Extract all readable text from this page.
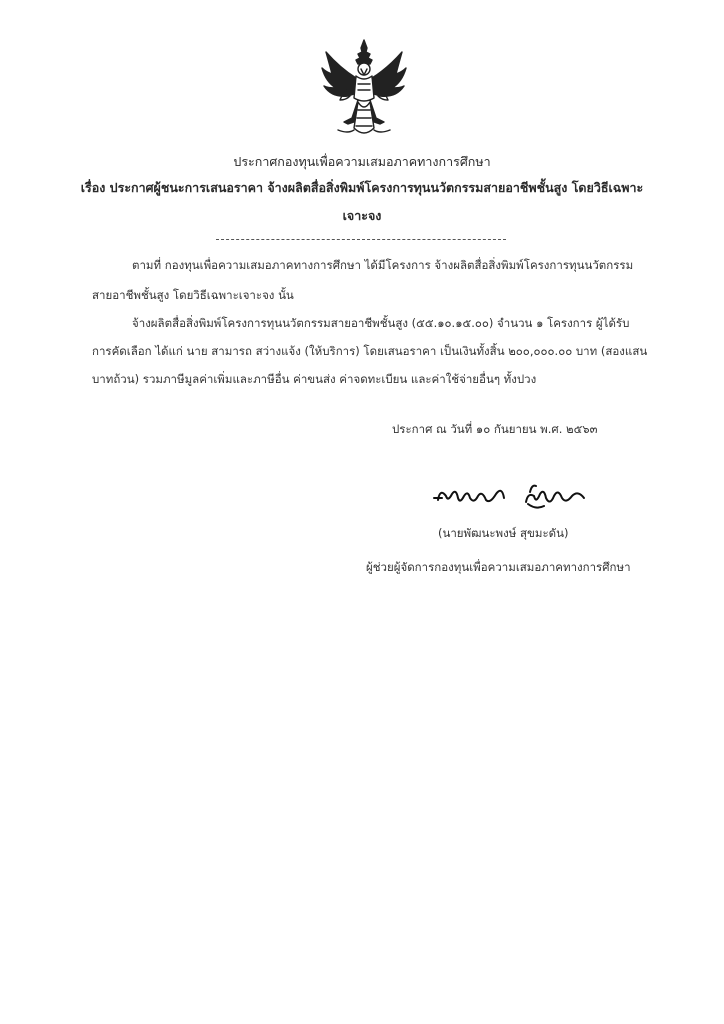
ประกาศกองทุนเพื่อความเสมอภาคทางการศึกษา
เรื่อง ประกาศผู้ชนะการเสนอราคา จ้างผลิตสื่อสิ่งพิมพ์โครงการทุนนวัตกรรมสายอาชีพชั้นสูง โดยวิธีเฉพาะ
เจาะจง
ตามที่ กองทุนเพื่อความเสมอภาคทางการศึกษา ได้มีโครงการ จ้างผลิตสื่อสิ่งพิมพ์โครงการทุนนวัตกรรม
สายอาชีพชั้นสูง โดยวิธีเฉพาะเจาะจง นั้น
จ้างผลิตสื่อสิ่งพิมพ์โครงการทุนนวัตกรรมสายอาชีพชั้นสูง (๕๕.๑๐.๑๕.๐๐) จำนวน ๑ โครงการ ผู้ได้รับ
การคัดเลือก ได้แก่ นาย สามารถ สว่างแจ้ง (ให้บริการ) โดยเสนอราคา เป็นเงินทั้งสิ้น ๒๐๐,๐๐๐.๐๐ บาท (สองแสน
บาทถ้วน) รวมภาษีมูลค่าเพิ่มและภาษีอื่น ค่าขนส่ง ค่าจดทะเบียน และค่าใช้จ่ายอื่นๆ ทั้งปวง
ประกาศ ณ วันที่ ๑๐ กันยายน พ.ศ. ๒๕๖๓
(นายพัฒนะพงษ์ สุขมะดัน)
ผู้ช่วยผู้จัดการกองทุนเพื่อความเสมอภาคทางการศึกษา
